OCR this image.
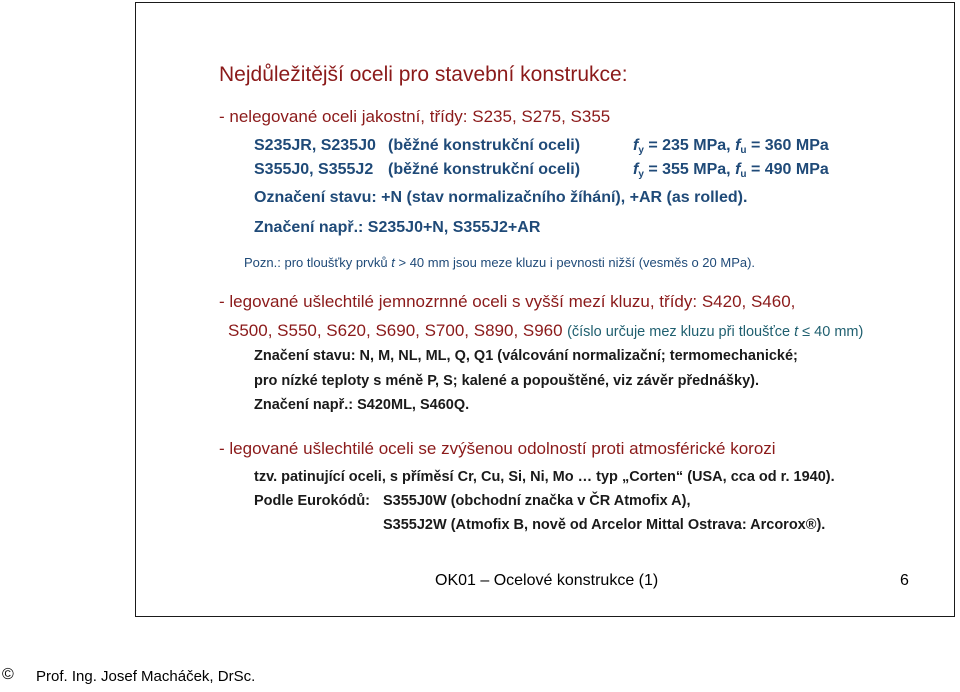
Nejdůležitější oceli pro stavební konstrukce:
- nelegované oceli jakostní, třídy: S235, S275, S355
S235JR, S235J0 (běžné konstrukční oceli)	$f_y = 235$ MPa, $f_u = 360$ MPa
S355J0, S355J2 (běžné konstrukční oceli)	$f_y = 355$ MPa, $f_u = 490$ MPa
Označení stavu: +N (stav normalizačního žíhání), +AR (as rolled).
Značení např.: S235J0+N, S355J2+AR
Pozn.: pro tloušťky prvků t > 40 mm jsou meze kluzu i pevnosti nižší (vesměs o 20 MPa).
- legované ušlechtilé jemnozrnné oceli s vyšší mezí kluzu, třídy: S420, S460,
S500, S550, S620, S690, S700, S890, S960 (číslo určuje mez kluzu při tloušťce t ≤ 40 mm)
Značení stavu: N, M, NL, ML, Q, Q1 (válcování normalizační; termomechanické;
pro nízké teploty s méně P, S; kalené a popouštěné, viz závěr přednášky).
Značení např.: S420ML, S460Q.
- legované ušlechtilé oceli se zvýšenou odolností proti atmosférické korozi
tzv. patinující oceli, s příměsí Cr, Cu, Si, Ni, Mo … typ „Corten“ (USA, cca od r. 1940).
Podle Eurokódů: S355J0W (obchodní značka v ČR Atmofix A),
S355J2W (Atmofix B, nově od Arcelor Mittal Ostrava: Arcorox®).
OK01 – Ocelové konstrukce (1)	6
© Prof. Ing. Josef Macháček, DrSc.
